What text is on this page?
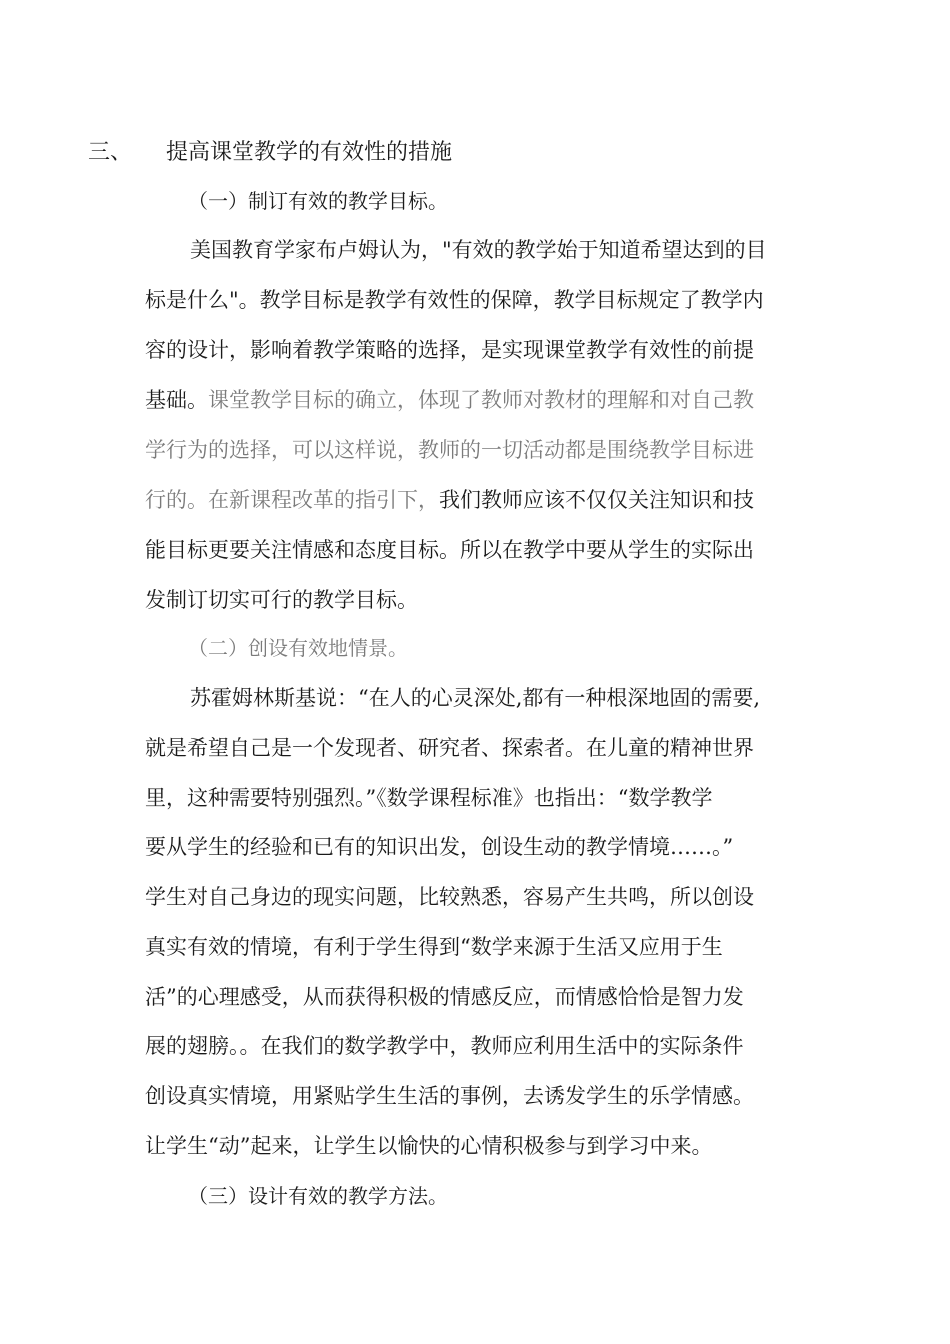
三、 提高课堂教学的有效性的措施
（一）制订有效的教学目标。
美国教育学家布卢姆认为，"有效的教学始于知道希望达到的目
标是什么"。教学目标是教学有效性的保障，教学目标规定了教学内
容的设计，影响着教学策略的选择，是实现课堂教学有效性的前提
基础。课堂教学目标的确立，体现了教师对教材的理解和对自己教
学行为的选择，可以这样说，教师的一切活动都是围绕教学目标进
行的。在新课程改革的指引下，我们教师应该不仅仅关注知识和技
能目标更要关注情感和态度目标。所以在教学中要从学生的实际出
发制订切实可行的教学目标。
（二）创设有效地情景。
苏霍姆林斯基说：“在人的心灵深处,都有一种根深地固的需要,
就是希望自己是一个发现者、研究者、探索者。在儿童的精神世界
里，这种需要特别强烈。”《数学课程标准》也指出：“数学教学
要从学生的经验和已有的知识出发，创设生动的教学情境……。”
学生对自己身边的现实问题，比较熟悉，容易产生共鸣，所以创设
真实有效的情境，有利于学生得到“数学来源于生活又应用于生
活”的心理感受，从而获得积极的情感反应，而情感恰恰是智力发
展的翅膀。。在我们的数学教学中，教师应利用生活中的实际条件
创设真实情境，用紧贴学生生活的事例，去诱发学生的乐学情感。
让学生“动”起来，让学生以愉快的心情积极参与到学习中来。
（三）设计有效的教学方法。
